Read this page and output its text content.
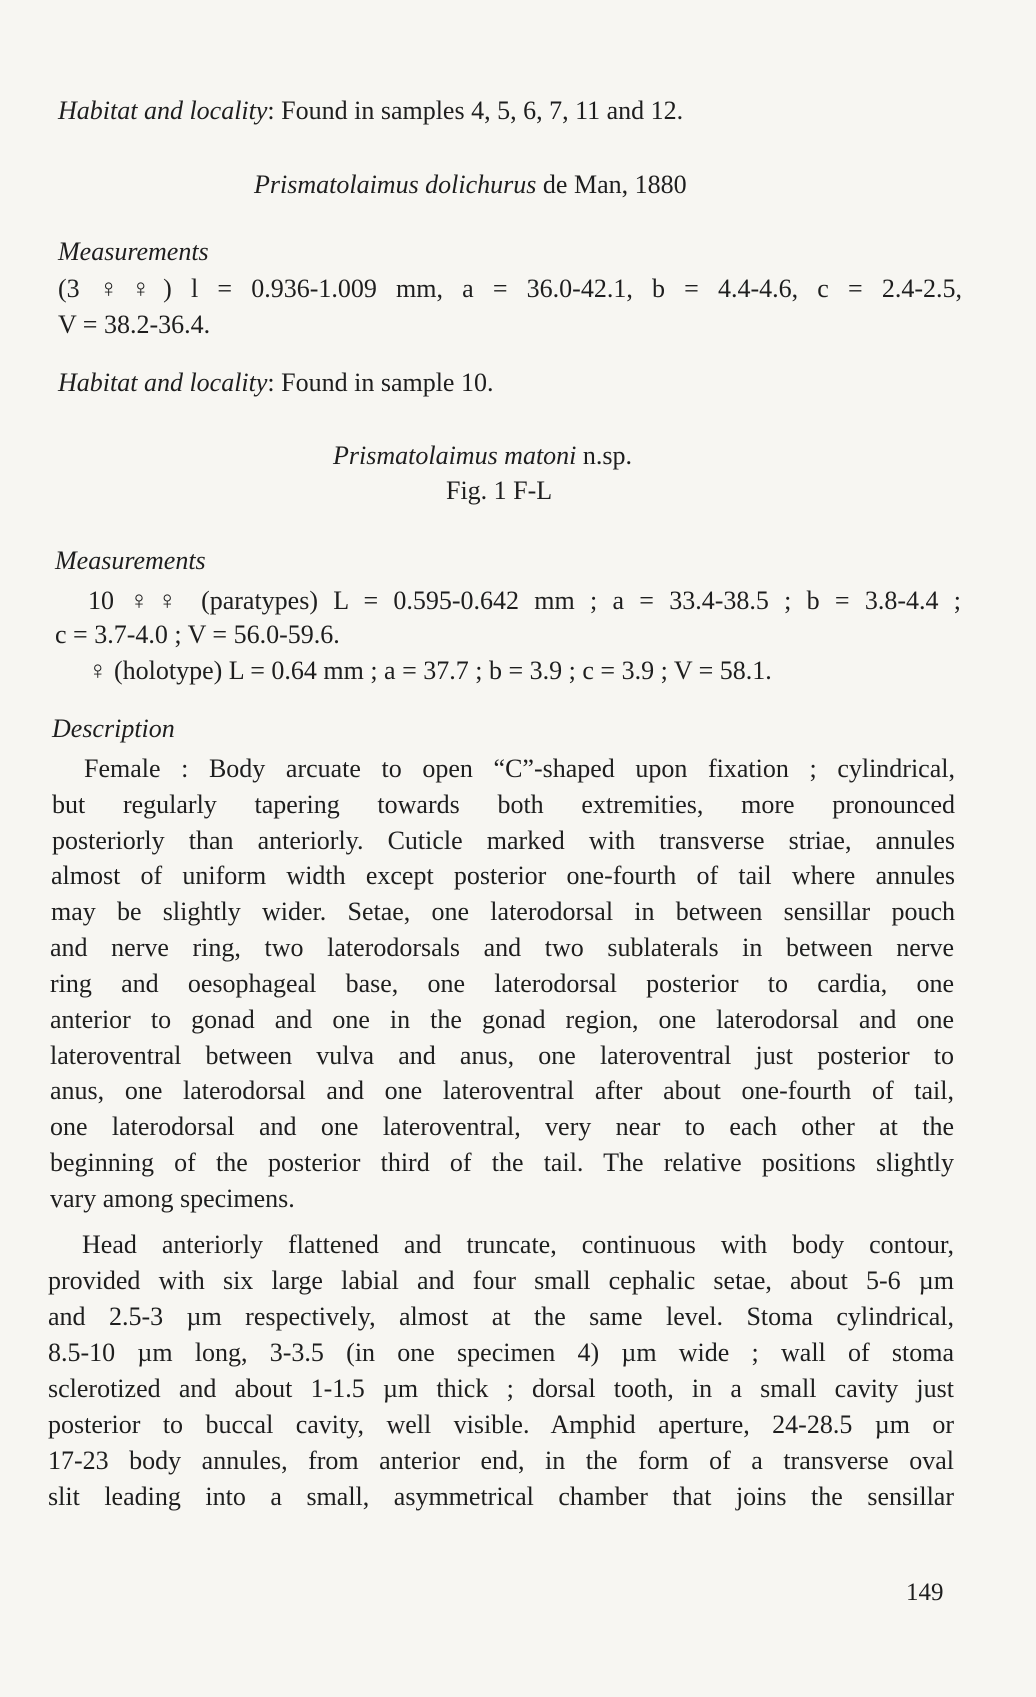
Habitat and locality: Found in samples 4, 5, 6, 7, 11 and 12.
Prismatolaimus dolichurus de Man, 1880
Measurements
(3 ♀♀) l = 0.936-1.009 mm, a = 36.0-42.1, b = 4.4-4.6, c = 2.4-2.5,
V = 38.2-36.4.
Habitat and locality: Found in sample 10.
Prismatolaimus matoni n.sp.
Fig. 1 F-L
Measurements
10 ♀♀ (paratypes) L = 0.595-0.642 mm ; a = 33.4-38.5 ; b = 3.8-4.4 ;
c = 3.7-4.0 ; V = 56.0-59.6.
♀ (holotype) L = 0.64 mm ; a = 37.7 ; b = 3.9 ; c = 3.9 ; V = 58.1.
Description
Female : Body arcuate to open “C”-shaped upon fixation ; cylindrical,
but regularly tapering towards both extremities, more pronounced
posteriorly than anteriorly. Cuticle marked with transverse striae, annules
almost of uniform width except posterior one-fourth of tail where annules
may be slightly wider. Setae, one laterodorsal in between sensillar pouch
and nerve ring, two laterodorsals and two sublaterals in between nerve
ring and oesophageal base, one laterodorsal posterior to cardia, one
anterior to gonad and one in the gonad region, one laterodorsal and one
lateroventral between vulva and anus, one lateroventral just posterior to
anus, one laterodorsal and one lateroventral after about one-fourth of tail,
one laterodorsal and one lateroventral, very near to each other at the
beginning of the posterior third of the tail. The relative positions slightly
vary among specimens.
Head anteriorly flattened and truncate, continuous with body contour,
provided with six large labial and four small cephalic setae, about 5-6 µm
and 2.5-3 µm respectively, almost at the same level. Stoma cylindrical,
8.5-10 µm long, 3-3.5 (in one specimen 4) µm wide ; wall of stoma
sclerotized and about 1-1.5 µm thick ; dorsal tooth, in a small cavity just
posterior to buccal cavity, well visible. Amphid aperture, 24-28.5 µm or
17-23 body annules, from anterior end, in the form of a transverse oval
slit leading into a small, asymmetrical chamber that joins the sensillar
149
